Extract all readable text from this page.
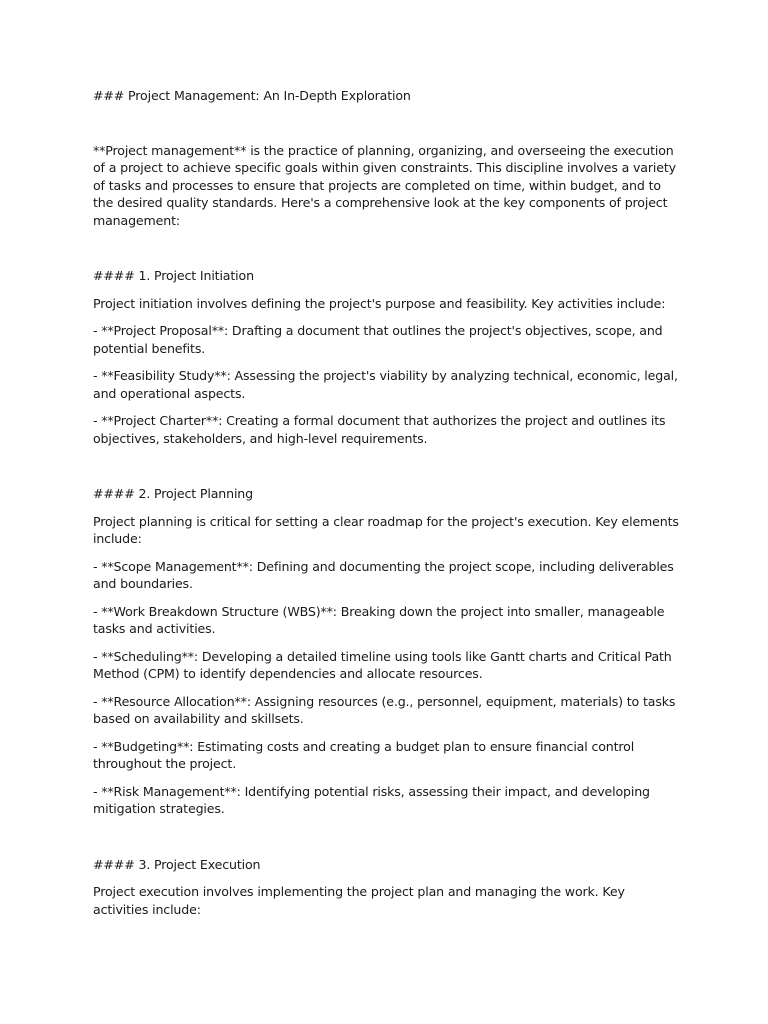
### Project Management: An In-Depth Exploration

**Project management** is the practice of planning, organizing, and overseeing the execution of a project to achieve specific goals within given constraints. This discipline involves a variety of tasks and processes to ensure that projects are completed on time, within budget, and to the desired quality standards. Here's a comprehensive look at the key components of project management:

#### 1. Project Initiation

Project initiation involves defining the project's purpose and feasibility. Key activities include:

- **Project Proposal**: Drafting a document that outlines the project's objectives, scope, and potential benefits.

- **Feasibility Study**: Assessing the project's viability by analyzing technical, economic, legal, and operational aspects.

- **Project Charter**: Creating a formal document that authorizes the project and outlines its objectives, stakeholders, and high-level requirements.

#### 2. Project Planning

Project planning is critical for setting a clear roadmap for the project's execution. Key elements include:

- **Scope Management**: Defining and documenting the project scope, including deliverables and boundaries.

- **Work Breakdown Structure (WBS)**: Breaking down the project into smaller, manageable tasks and activities.

- **Scheduling**: Developing a detailed timeline using tools like Gantt charts and Critical Path Method (CPM) to identify dependencies and allocate resources.

- **Resource Allocation**: Assigning resources (e.g., personnel, equipment, materials) to tasks based on availability and skillsets.

- **Budgeting**: Estimating costs and creating a budget plan to ensure financial control throughout the project.

- **Risk Management**: Identifying potential risks, assessing their impact, and developing mitigation strategies.

#### 3. Project Execution

Project execution involves implementing the project plan and managing the work. Key activities include:
